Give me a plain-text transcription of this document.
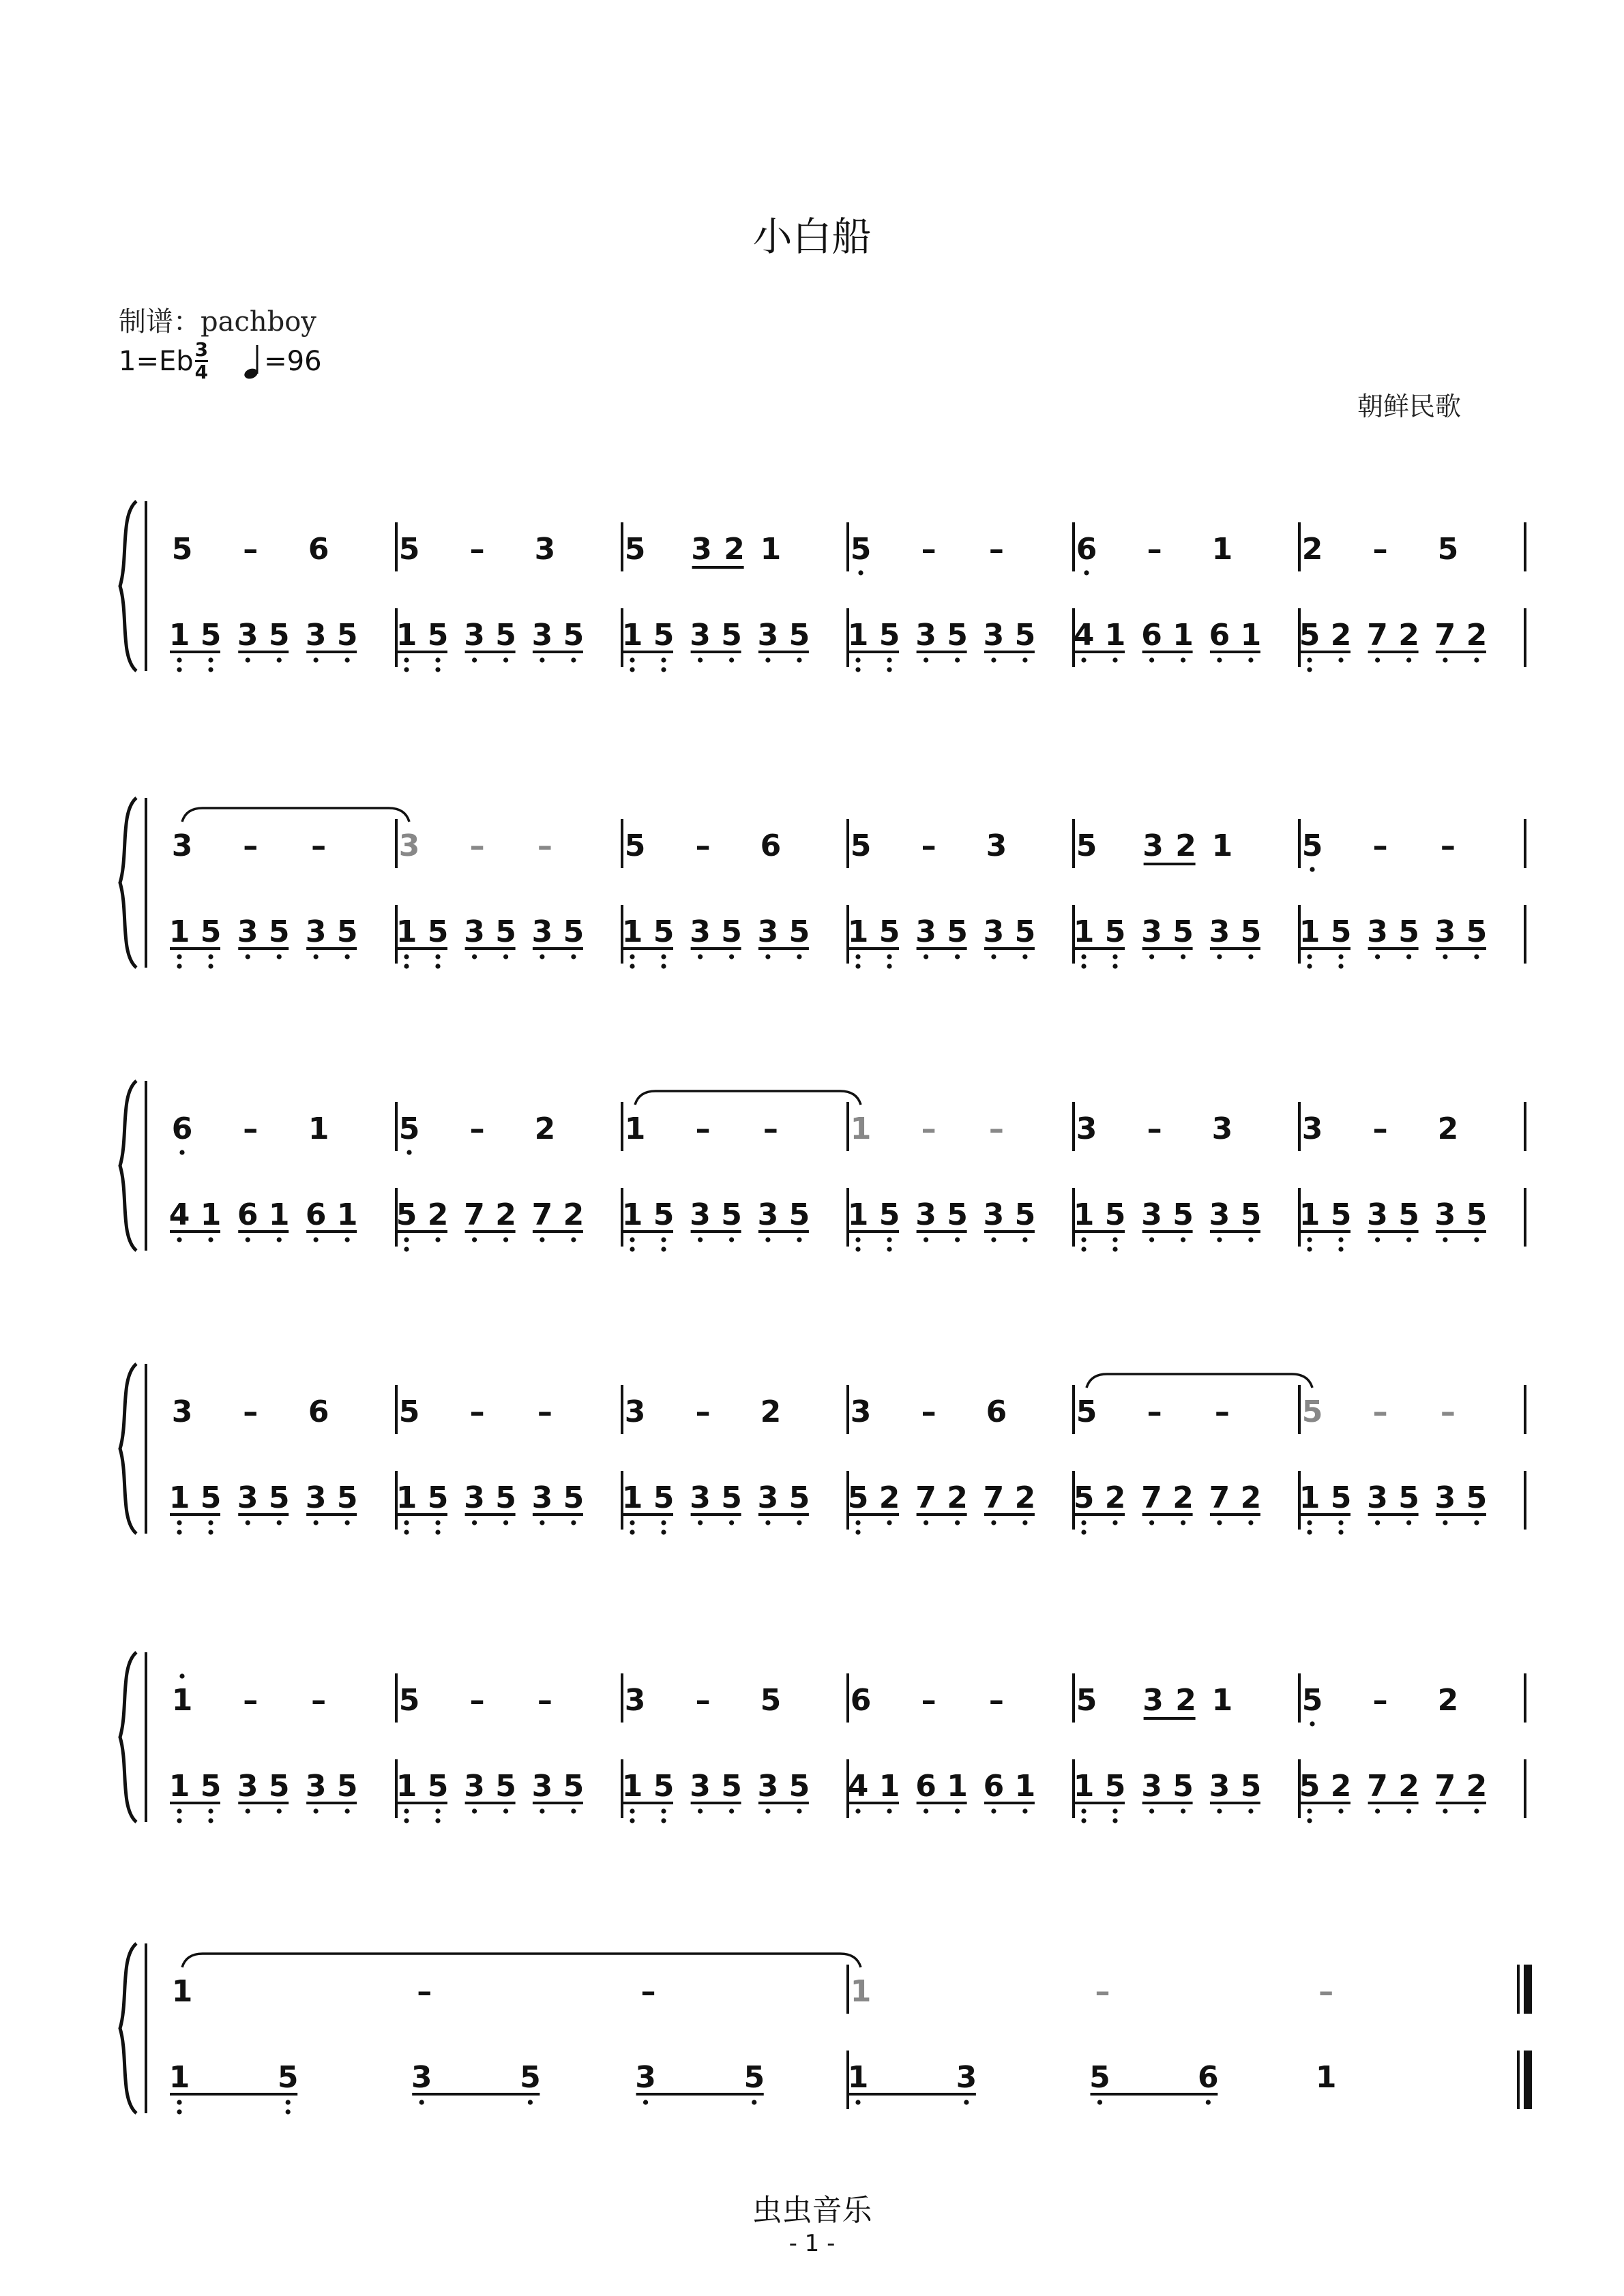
小白船
制谱：pachboy
$1=Eb \frac{3}{4} =96$
朝鲜民歌
5 – 6
1 5 3 5 3 5
5 – 3
1 5 3 5 3 5
5 3 2 1
1 5 3 5 3 5
5 – –
1 5 3 5 3 5
6 – 1
4 1 6 1 6 1
2 – 5
5 2 7 2 7 2
3 – –
1 5 3 5 3 5
3 – –
1 5 3 5 3 5
5 – 6
1 5 3 5 3 5
5 – 3
1 5 3 5 3 5
5 3 2 1
1 5 3 5 3 5
5 – –
1 5 3 5 3 5
6 – 1
4 1 6 1 6 1
5 – 2
5 2 7 2 7 2
1 – –
1 5 3 5 3 5
1 – –
1 5 3 5 3 5
3 – 3
1 5 3 5 3 5
3 – 2
1 5 3 5 3 5
3 – 6
1 5 3 5 3 5
5 – –
1 5 3 5 3 5
3 – 2
1 5 3 5 3 5
3 – 6
5 2 7 2 7 2
5 – –
5 2 7 2 7 2
5 – –
1 5 3 5 3 5
1 – –
1 5 3 5 3 5
5 – –
1 5 3 5 3 5
3 – 5
1 5 3 5 3 5
6 – –
4 1 6 1 6 1
5 3 2 1
1 5 3 5 3 5
5 – 2
5 2 7 2 7 2
1	–	–
1	5	3	5	3	5
1	–	–
1	3	5	6	1
虫虫音乐
- 1 -
